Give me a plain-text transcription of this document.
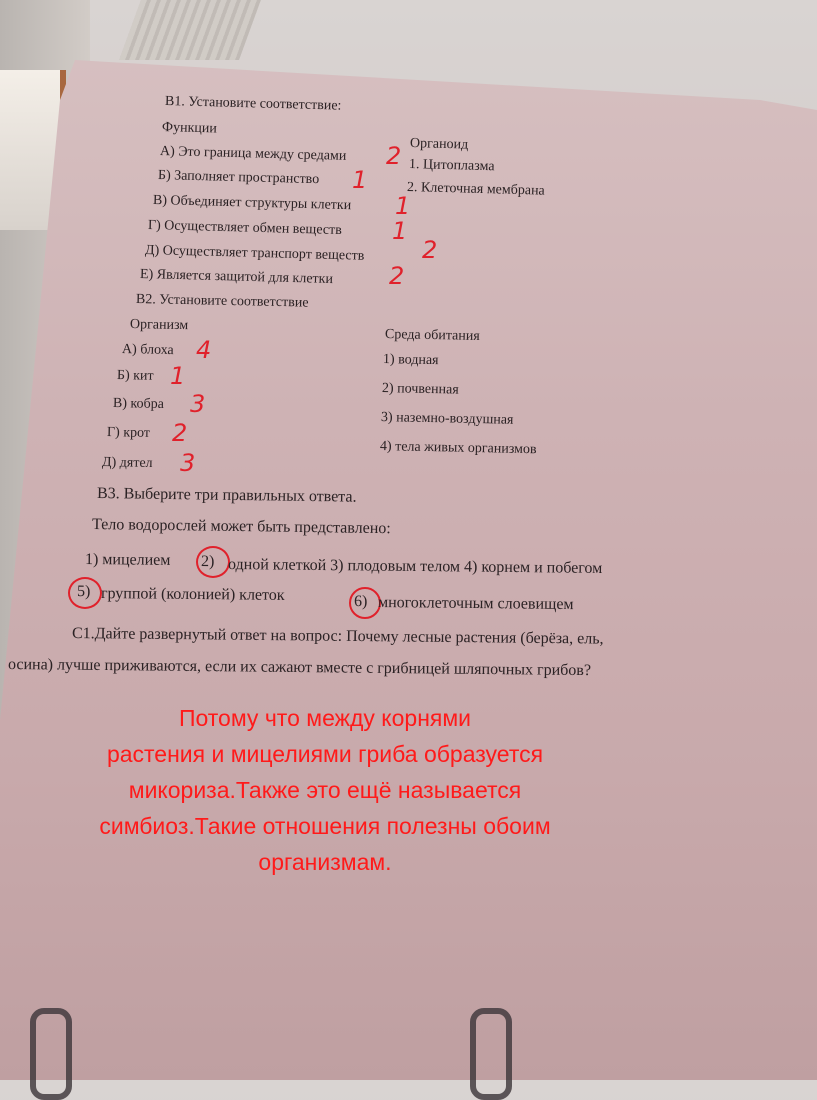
В1. Установите соответствие:
Функции
Органоид
А) Это граница между средами
Б) Заполняет пространство
В) Объединяет структуры клетки
Г) Осуществляет обмен веществ
Д) Осуществляет транспорт веществ
Е) Является защитой для клетки
1. Цитоплазма
2. Клеточная мембрана
2
1
1
1
2
2
В2. Установите соответствие
Организм
Среда обитания
А) блоха
Б) кит
В) кобра
Г) крот
Д) дятел
1) водная
2) почвенная
3) наземно-воздушная
4) тела живых организмов
4
1
3
2
3
В3. Выберите три правильных ответа.
Тело водорослей может быть представлено:
1) мицелием 2) одной клеткой 3) плодовым телом 4) корнем и побегом
5) группой (колонией) клеток	6) многоклеточным слоевищем
С1.Дайте развернутый ответ на вопрос: Почему лесные растения (берёза, ель,
осина) лучше приживаются, если их сажают вместе с грибницей шляпочных грибов?
Потому что между корнями
растения и мицелиями гриба образуется
микориза.Также это ещё называется
симбиоз.Такие отношения полезны обоим
организмам.
